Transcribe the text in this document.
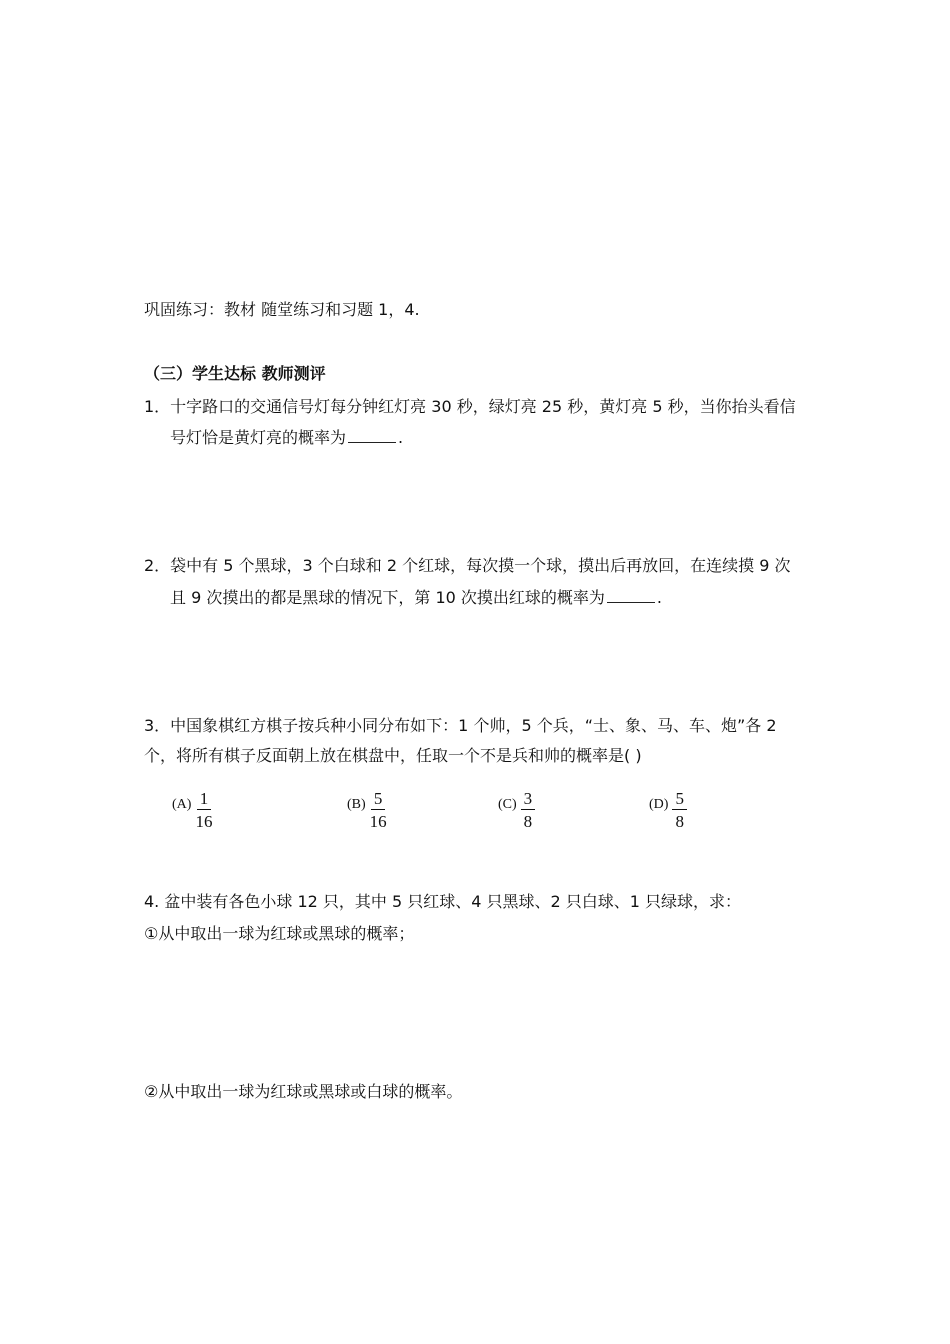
巩固练习：教材 随堂练习和习题 1，4.
（三）学生达标 教师测评
1．十字路口的交通信号灯每分钟红灯亮 30 秒，绿灯亮 25 秒，黄灯亮 5 秒，当你抬头看信
号灯恰是黄灯亮的概率为	.
2．袋中有 5 个黑球，3 个白球和 2 个红球，每次摸一个球，摸出后再放回，在连续摸 9 次
且 9 次摸出的都是黑球的情况下，第 10 次摸出红球的概率为	.
3．中国象棋红方棋子按兵种小同分布如下：1 个帅，5 个兵，“士、象、马、车、炮”各 2
个，将所有棋子反面朝上放在棋盘中，任取一个不是兵和帅的概率是( )
$(A) \frac{1}{16}$	$(B) \frac{5}{16}$	$(C) \frac{3}{8}$	$(D) \frac{5}{8}$
4. 盆中装有各色小球 12 只，其中 5 只红球、4 只黑球、2 只白球、1 只绿球，求：
①从中取出一球为红球或黑球的概率；
②从中取出一球为红球或黑球或白球的概率。
